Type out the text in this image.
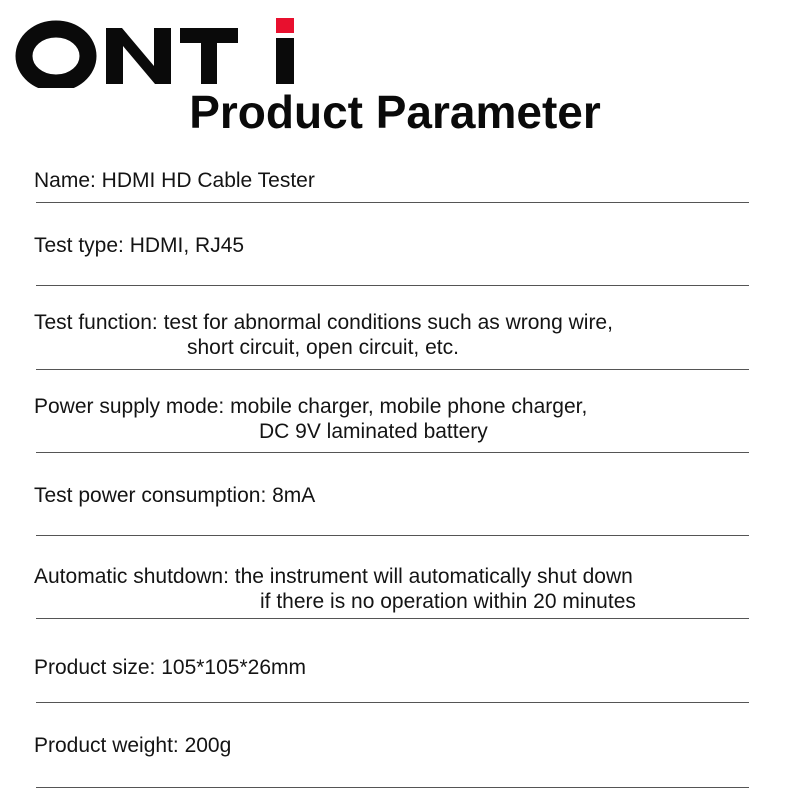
Product Parameter
Name: HDMI HD Cable Tester
Test type: HDMI, RJ45
Test function: test for abnormal conditions such as wrong wire,
short circuit, open circuit, etc.
Power supply mode: mobile charger, mobile phone charger,
DC 9V laminated battery
Test power consumption: 8mA
Automatic shutdown: the instrument will automatically shut down
if there is no operation within 20 minutes
Product size: 105*105*26mm
Product weight: 200g
